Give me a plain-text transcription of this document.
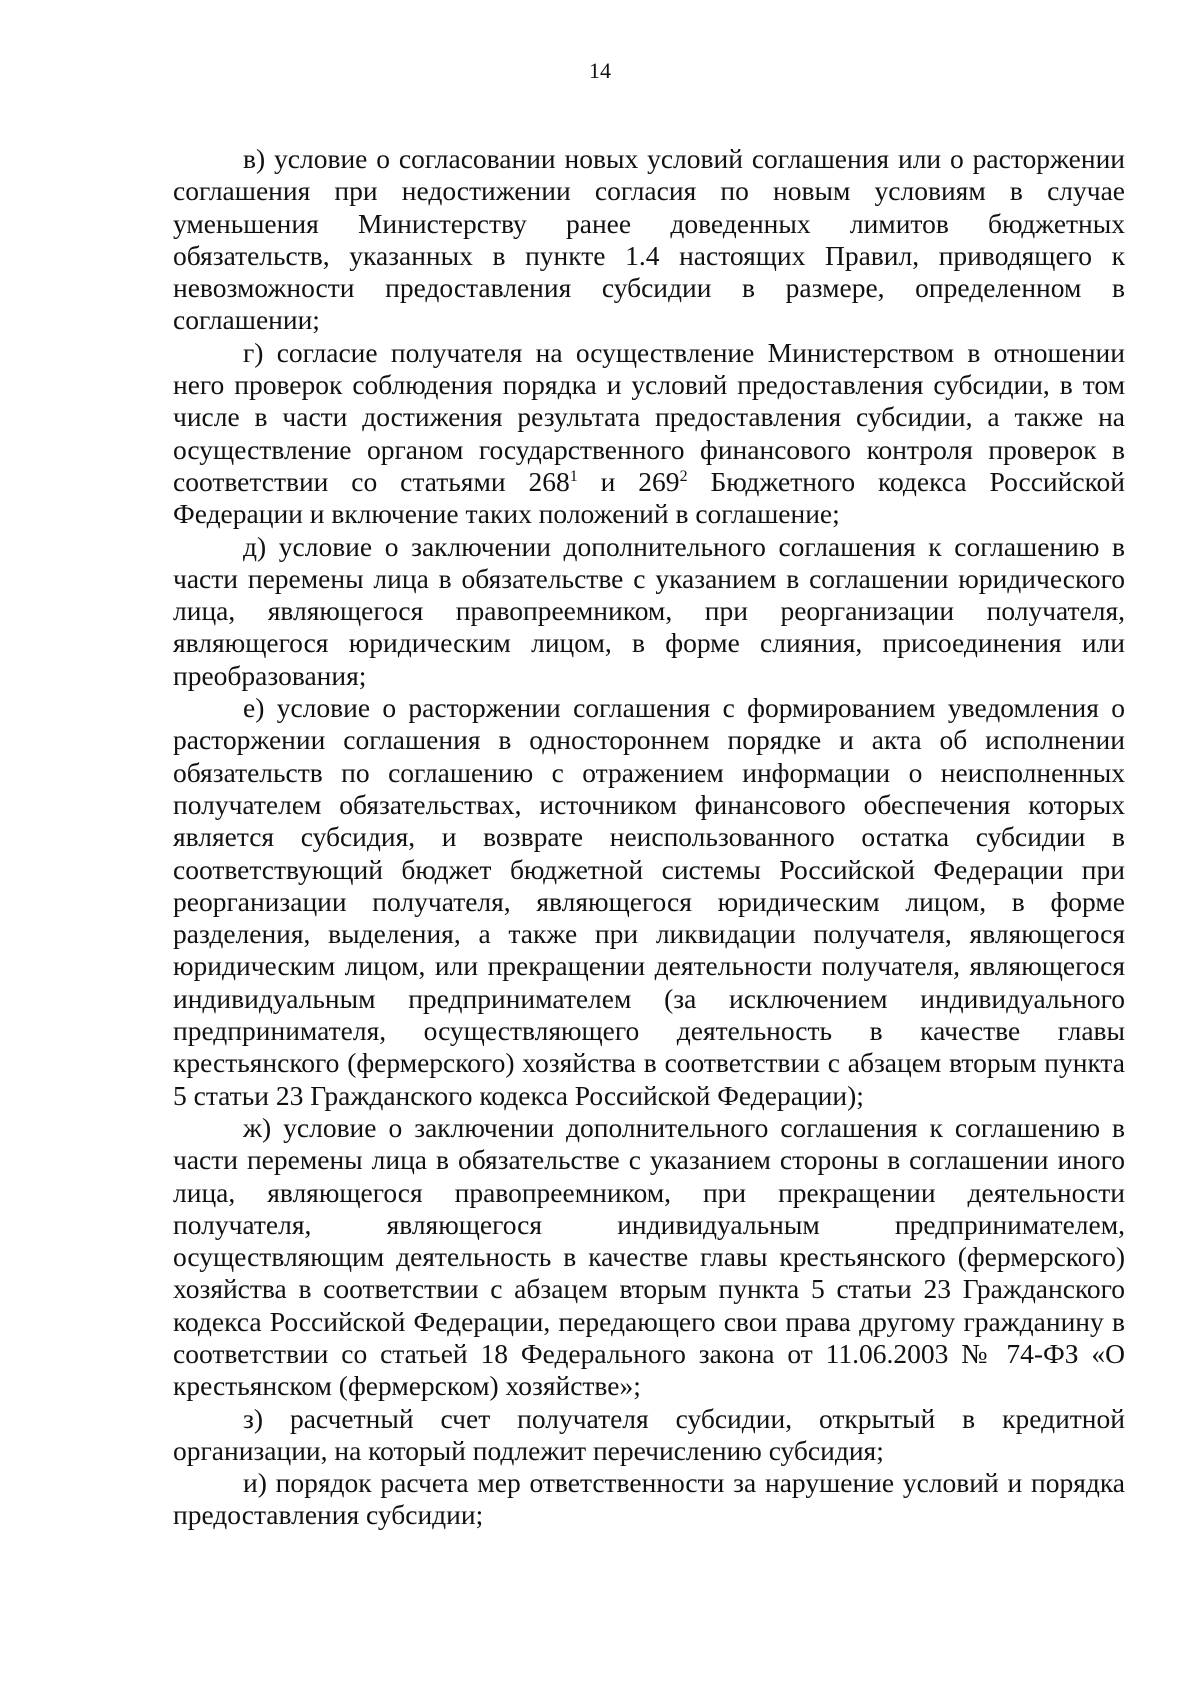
14

в) условие о согласовании новых условий соглашения или о расторжении соглашения при недостижении согласия по новым условиям в случае уменьшения Министерству ранее доведенных лимитов бюджетных обязательств, указанных в пункте 1.4 настоящих Правил, приводящего к невозможности предоставления субсидии в размере, определенном в соглашении;

г) согласие получателя на осуществление Министерством в отношении него проверок соблюдения порядка и условий предоставления субсидии, в том числе в части достижения результата предоставления субсидии, а также на осуществление органом государственного финансового контроля проверок в соответствии со статьями $268^1$ и $269^2$ Бюджетного кодекса Российской Федерации и включение таких положений в соглашение;

д) условие о заключении дополнительного соглашения к соглашению в части перемены лица в обязательстве с указанием в соглашении юридического лица, являющегося правопреемником, при реорганизации получателя, являющегося юридическим лицом, в форме слияния, присоединения или преобразования;

е) условие о расторжении соглашения с формированием уведомления о расторжении соглашения в одностороннем порядке и акта об исполнении обязательств по соглашению с отражением информации о неисполненных получателем обязательствах, источником финансового обеспечения которых является субсидия, и возврате неиспользованного остатка субсидии в соответствующий бюджет бюджетной системы Российской Федерации при реорганизации получателя, являющегося юридическим лицом, в форме разделения, выделения, а также при ликвидации получателя, являющегося юридическим лицом, или прекращении деятельности получателя, являющегося индивидуальным предпринимателем (за исключением индивидуального предпринимателя, осуществляющего деятельность в качестве главы крестьянского (фермерского) хозяйства в соответствии с абзацем вторым пункта 5 статьи 23 Гражданского кодекса Российской Федерации);

ж) условие о заключении дополнительного соглашения к соглашению в части перемены лица в обязательстве с указанием стороны в соглашении иного лица, являющегося правопреемником, при прекращении деятельности получателя, являющегося индивидуальным предпринимателем, осуществляющим деятельность в качестве главы крестьянского (фермерского) хозяйства в соответствии с абзацем вторым пункта 5 статьи 23 Гражданского кодекса Российской Федерации, передающего свои права другому гражданину в соответствии со статьей 18 Федерального закона от 11.06.2003 № 74-ФЗ «О крестьянском (фермерском) хозяйстве»;

з) расчетный счет получателя субсидии, открытый в кредитной организации, на который подлежит перечислению субсидия;

и) порядок расчета мер ответственности за нарушение условий и порядка предоставления субсидии;
